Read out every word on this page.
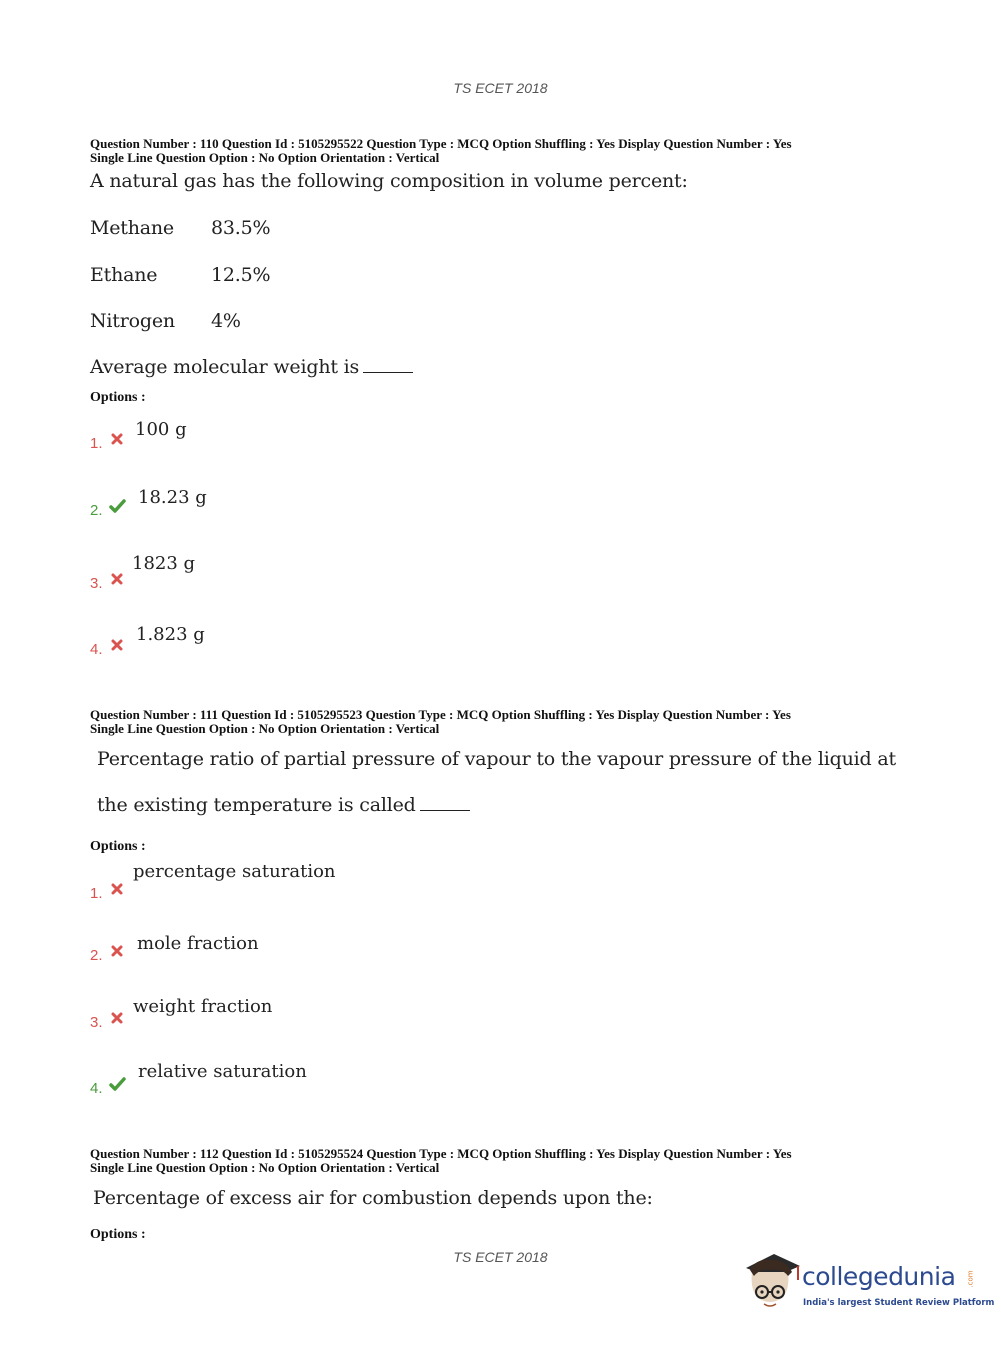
TS ECET 2018
Question Number : 110 Question Id : 5105295522 Question Type : MCQ Option Shuffling : Yes Display Question Number : Yes
Single Line Question Option : No Option Orientation : Vertical
A natural gas has the following composition in volume percent:
Methane 83.5%
Ethane	12.5%
Nitrogen 4%
Average molecular weight is
Options :
1.
100 g
2.
18.23 g
3.
1823 g
4.
1.823 g
Question Number : 111 Question Id : 5105295523 Question Type : MCQ Option Shuffling : Yes Display Question Number : Yes
Single Line Question Option : No Option Orientation : Vertical
Percentage ratio of partial pressure of vapour to the vapour pressure of the liquid at
the existing temperature is called
Options :
1.
percentage saturation
2.
mole fraction
3.
weight fraction
4.
relative saturation
Question Number : 112 Question Id : 5105295524 Question Type : MCQ Option Shuffling : Yes Display Question Number : Yes
Single Line Question Option : No Option Orientation : Vertical
Percentage of excess air for combustion depends upon the:
Options :
TS ECET 2018
collegedunia .com
India's largest Student Review Platform
